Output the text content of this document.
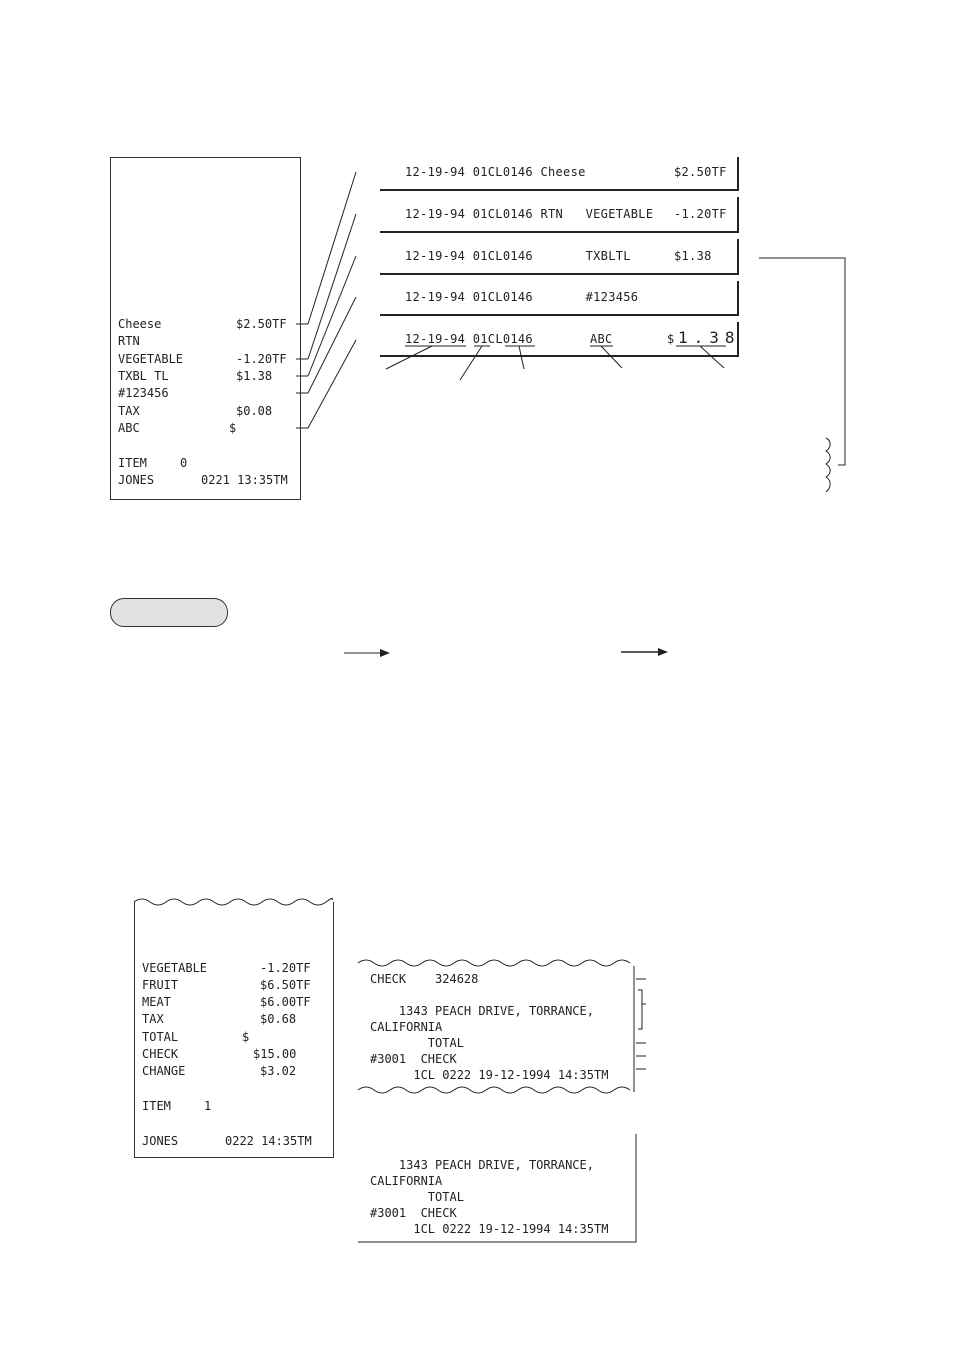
Cheese	$2.50TF
RTN
VEGETABLE	-1.20TF
TXBL TL	$1.38
#123456
TAX	$0.08
ABC	$
ITEM	0
JONES	0221 13:35TM
12-19-94 01CL0146 Cheese	$2.50TF
12-19-94 01CL0146 RTN   VEGETABLE -1.20TF
12-19-94 01CL0146       TXBLTL	$1.38
12-19-94 01CL0146       #123456
12-19-94 01CL0146	ABC	$ 1.38
VEGETABLE	-1.20TF
FRUIT	$6.50TF
MEAT	$6.00TF
TAX	$0.68
TOTAL	$
CHECK	$15.00
CHANGE	$3.02
ITEM	1
JONES	0222 14:35TM
CHECK    324628
1343 PEACH DRIVE, TORRANCE,
CALIFORNIA
TOTAL
#3001  CHECK
1CL 0222 19-12-1994 14:35TM
1343 PEACH DRIVE, TORRANCE,
CALIFORNIA
TOTAL
#3001  CHECK
1CL 0222 19-12-1994 14:35TM
